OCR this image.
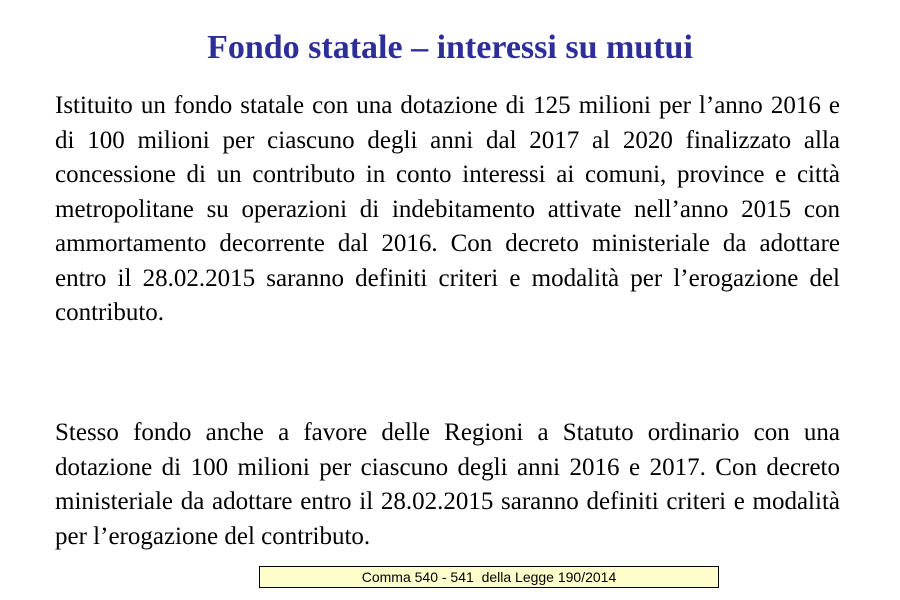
Fondo statale – interessi su mutui

Istituito un fondo statale con una dotazione di 125 milioni per l’anno 2016 e di 100 milioni per ciascuno degli anni dal 2017 al 2020 finalizzato alla concessione di un contributo in conto interessi ai comuni, province e città metropolitane su operazioni di indebitamento attivate nell’anno 2015 con ammortamento decorrente dal 2016. Con decreto ministeriale da adottare entro il 28.02.2015 saranno definiti criteri e modalità per l’erogazione del contributo.

Stesso fondo anche a favore delle Regioni a Statuto ordinario con una dotazione di 100 milioni per ciascuno degli anni 2016 e 2017. Con decreto ministeriale da adottare entro il 28.02.2015 saranno definiti criteri e modalità per l’erogazione del contributo.

Comma 540 - 541  della Legge 190/2014
